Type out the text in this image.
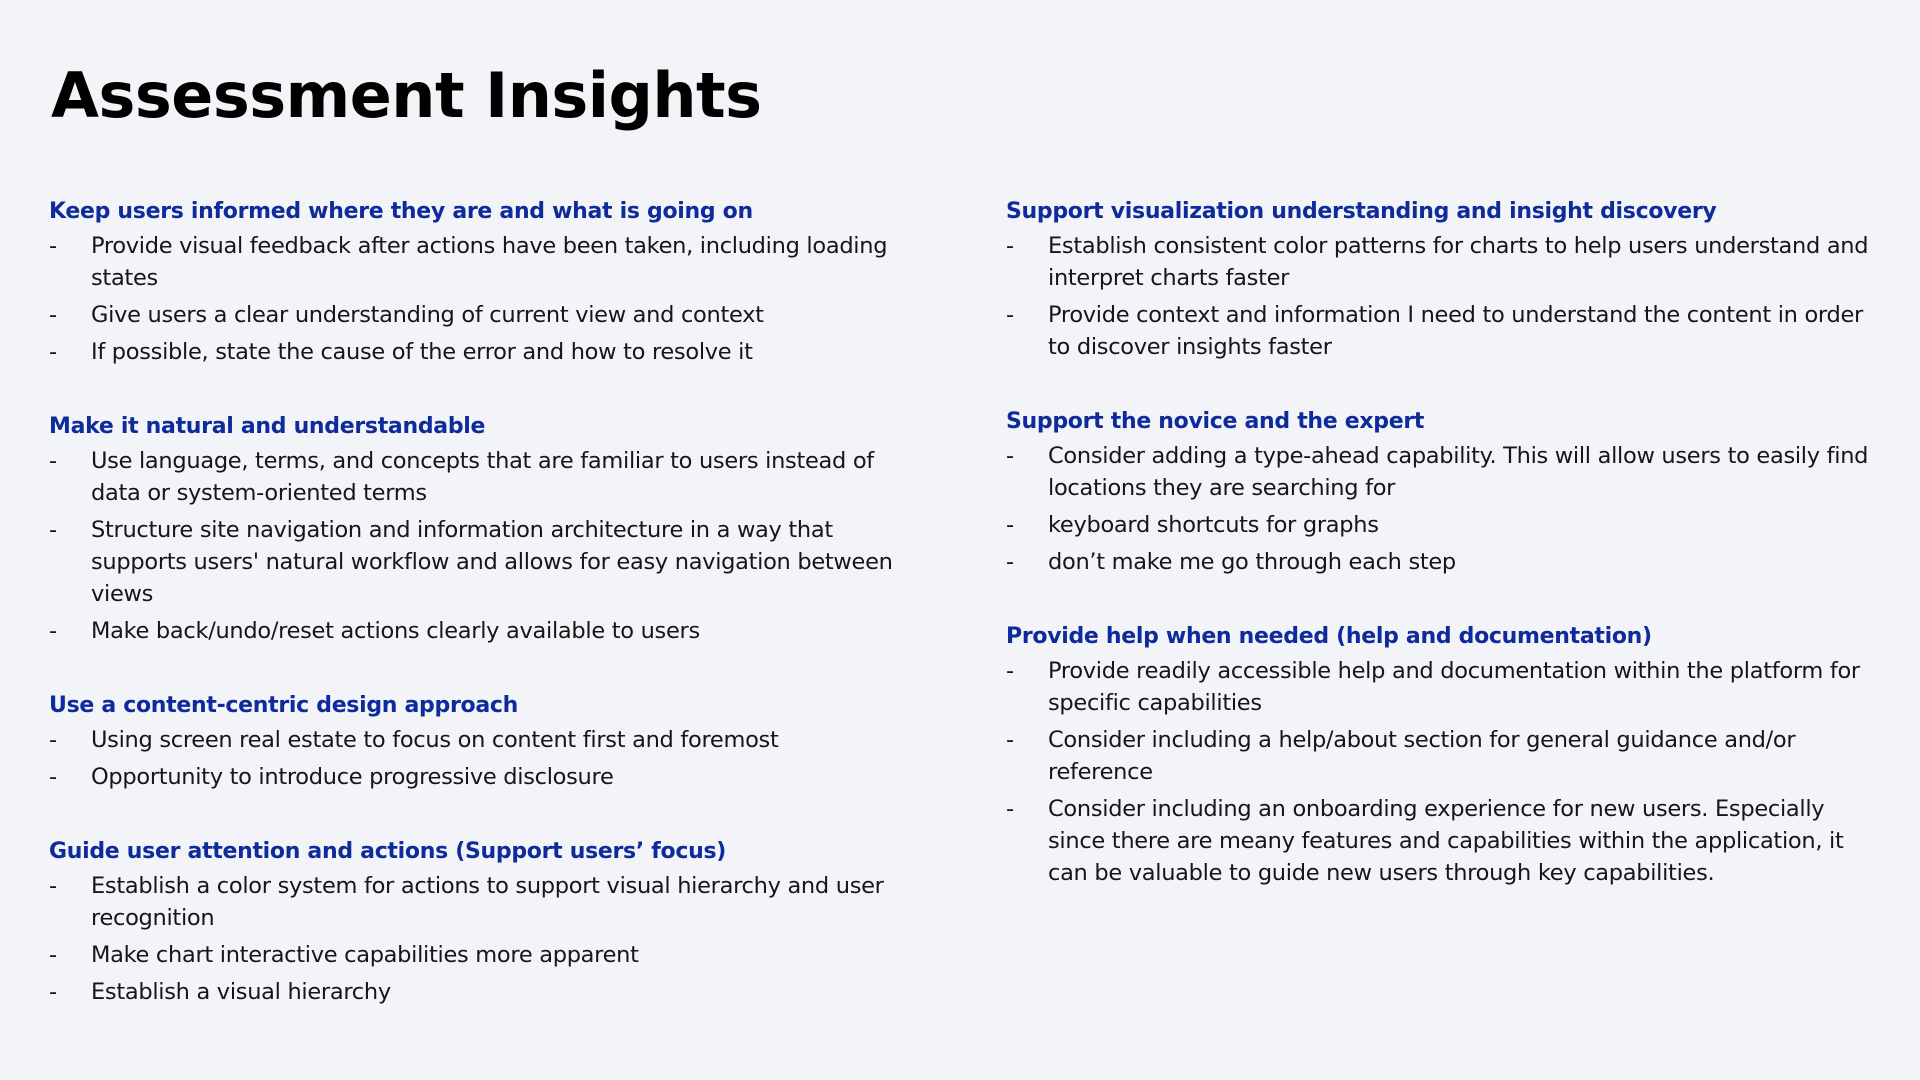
Assessment Insights
Keep users informed where they are and what is going on
-	Provide visual feedback after actions have been taken, including loading states
-	Give users a clear understanding of current view and context
-	If possible, state the cause of the error and how to resolve it
Make it natural and understandable
-	Use language, terms, and concepts that are familiar to users instead of data or system-oriented terms
-	Structure site navigation and information architecture in a way that supports users' natural workflow and allows for easy navigation between views
-	Make back/undo/reset actions clearly available to users
Use a content-centric design approach
-	Using screen real estate to focus on content first and foremost
-	Opportunity to introduce progressive disclosure
Guide user attention and actions (Support users’ focus)
-	Establish a color system for actions to support visual hierarchy and user recognition
-	Make chart interactive capabilities more apparent
-	Establish a visual hierarchy
Support visualization understanding and insight discovery
-	Establish consistent color patterns for charts to help users understand and interpret charts faster
-	Provide context and information I need to understand the content in order to discover insights faster
Support the novice and the expert
-	Consider adding a type-ahead capability. This will allow users to easily find locations they are searching for
-	keyboard shortcuts for graphs
-	don’t make me go through each step
Provide help when needed (help and documentation)
-	Provide readily accessible help and documentation within the platform for specific capabilities
-	Consider including a help/about section for general guidance and/or reference
-	Consider including an onboarding experience for new users. Especially since there are meany features and capabilities within the application, it can be valuable to guide new users through key capabilities.
